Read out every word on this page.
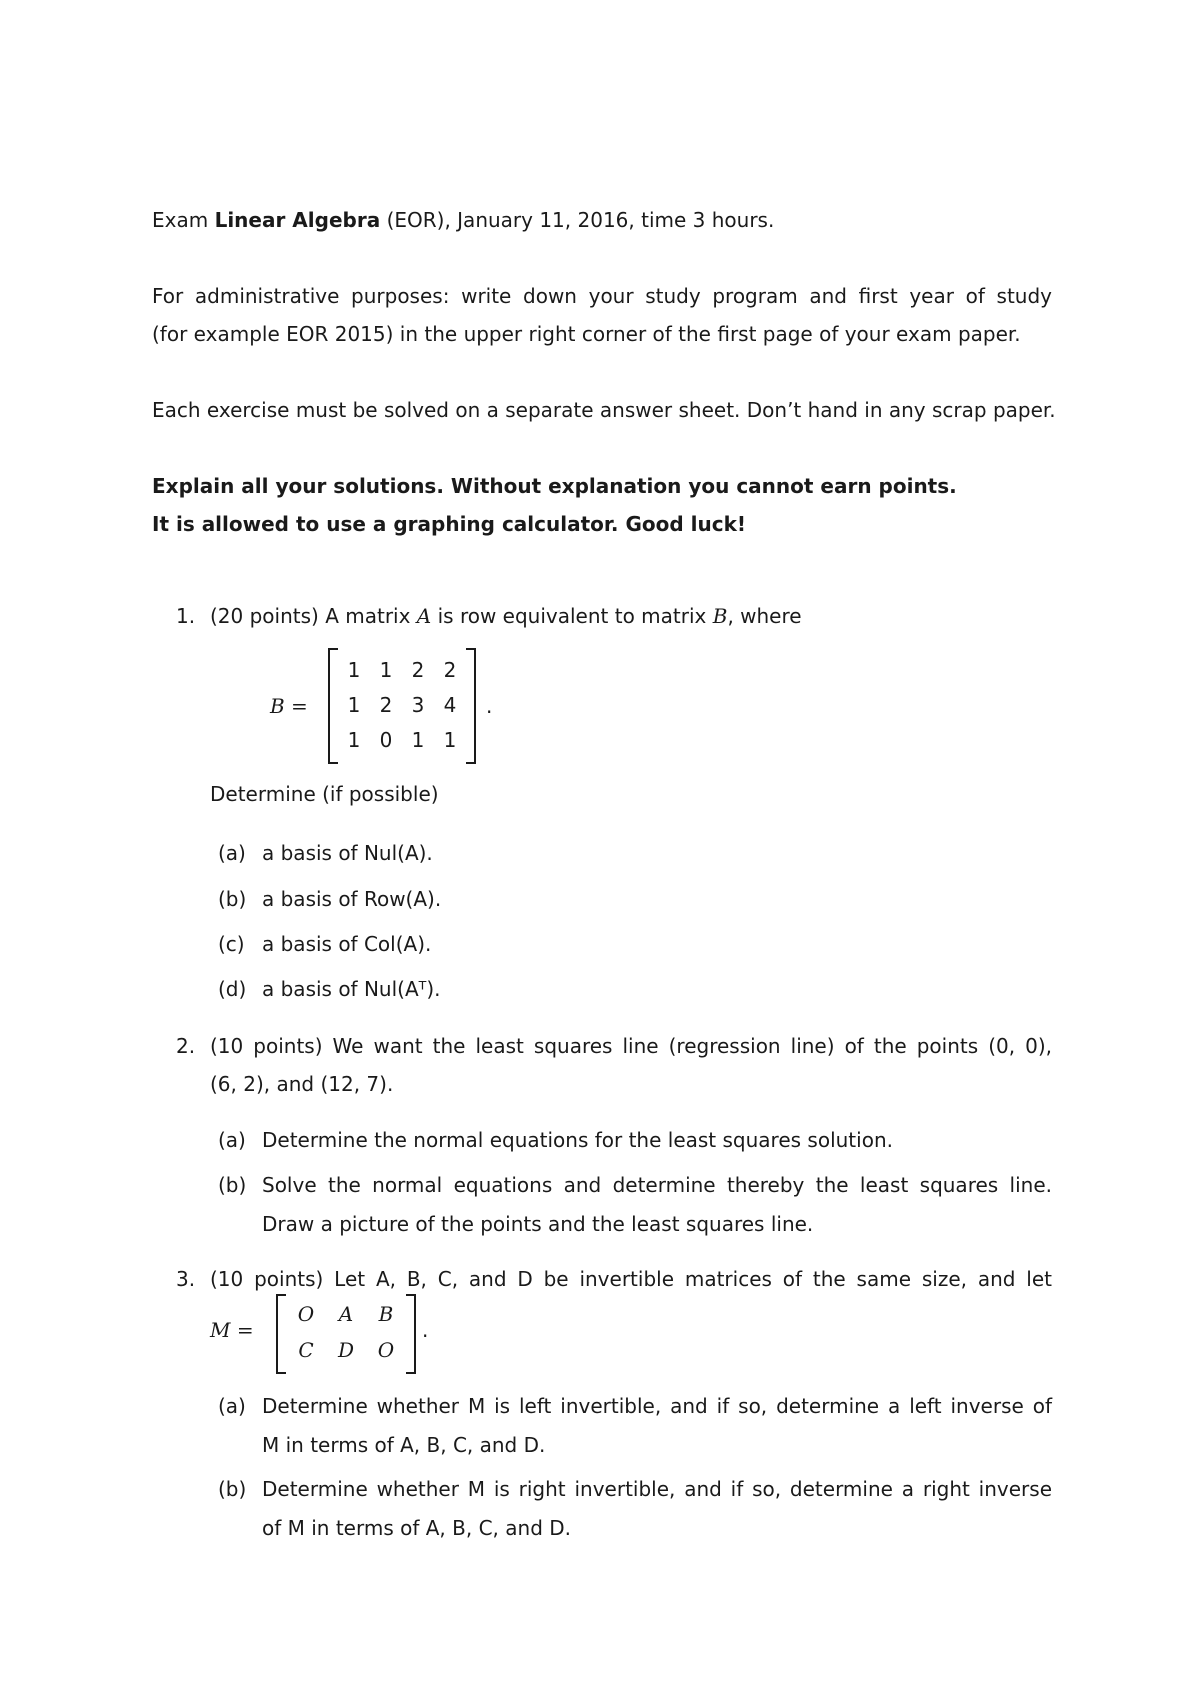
Exam Linear Algebra (EOR), January 11, 2016, time 3 hours.
For administrative purposes: write down your study program and first year of study
(for example EOR 2015) in the upper right corner of the first page of your exam paper.
Each exercise must be solved on a separate answer sheet. Don’t hand in any scrap paper.
Explain all your solutions. Without explanation you cannot earn points.
It is allowed to use a graphing calculator. Good luck!
1. (20 points) A matrix A is row equivalent to matrix B, where
B =
1 1 2 2
1 2 3 4
1 0 1 1
.
Determine (if possible)
(a) a basis of Nul(A).
(b) a basis of Row(A).
(c) a basis of Col(A).
(d) a basis of Nul(Aᵀ).
2. (10 points) We want the least squares line (regression line) of the points (0, 0),
(6, 2), and (12, 7).
(a) Determine the normal equations for the least squares solution.
(b) Solve the normal equations and determine thereby the least squares line.
Draw a picture of the points and the least squares line.
3. (10 points) Let A, B, C, and D be invertible matrices of the same size, and let
M =
O A B
C D O
.
(a) Determine whether M is left invertible, and if so, determine a left inverse of
M in terms of A, B, C, and D.
(b) Determine whether M is right invertible, and if so, determine a right inverse
of M in terms of A, B, C, and D.
